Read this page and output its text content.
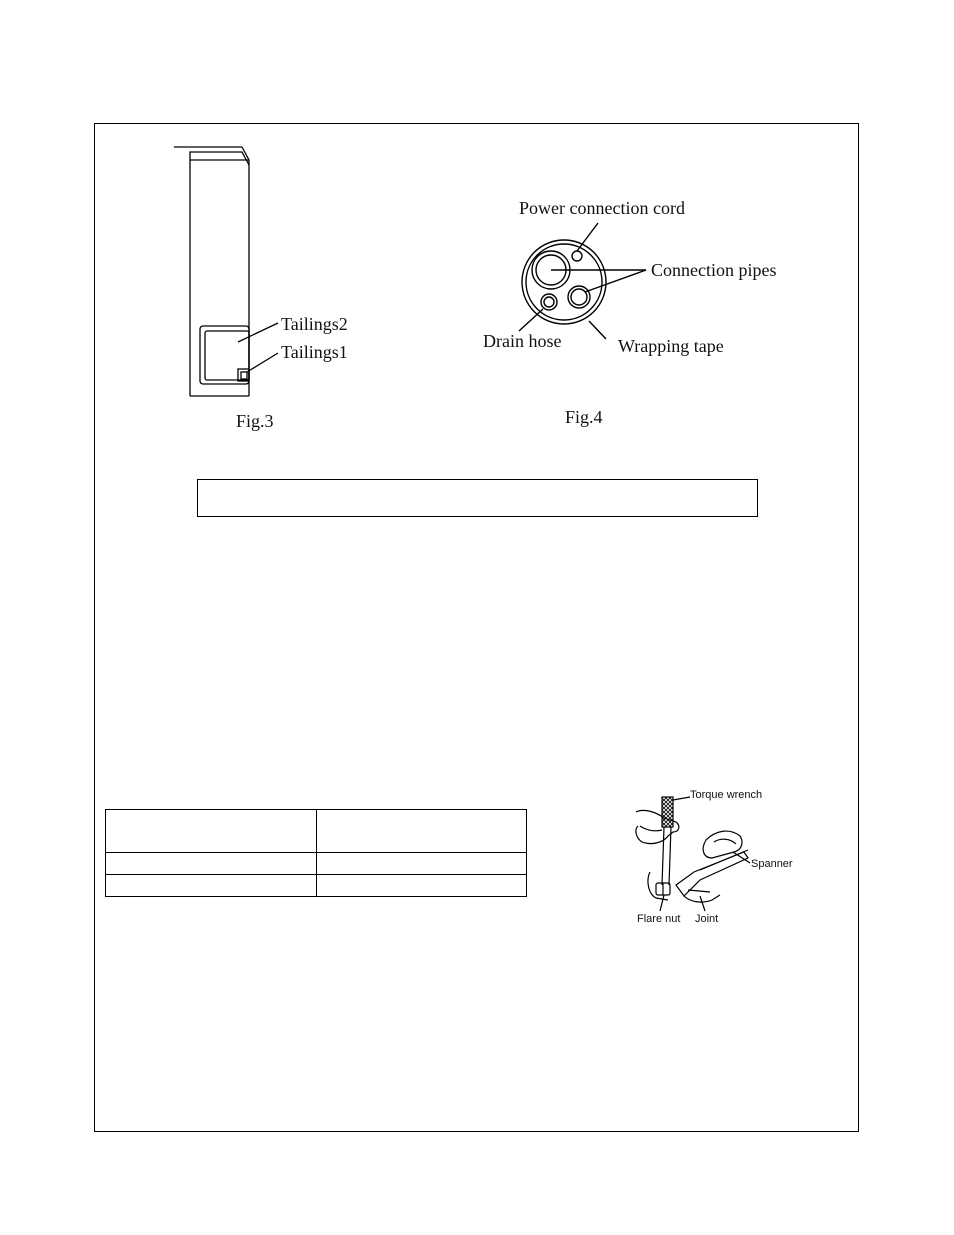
Tailings2
Tailings1
Fig.3
Power connection cord
Connection pipes
Drain hose	Wrapping tape
Fig.4

Torque wrench
Spanner
Flare nut Joint
